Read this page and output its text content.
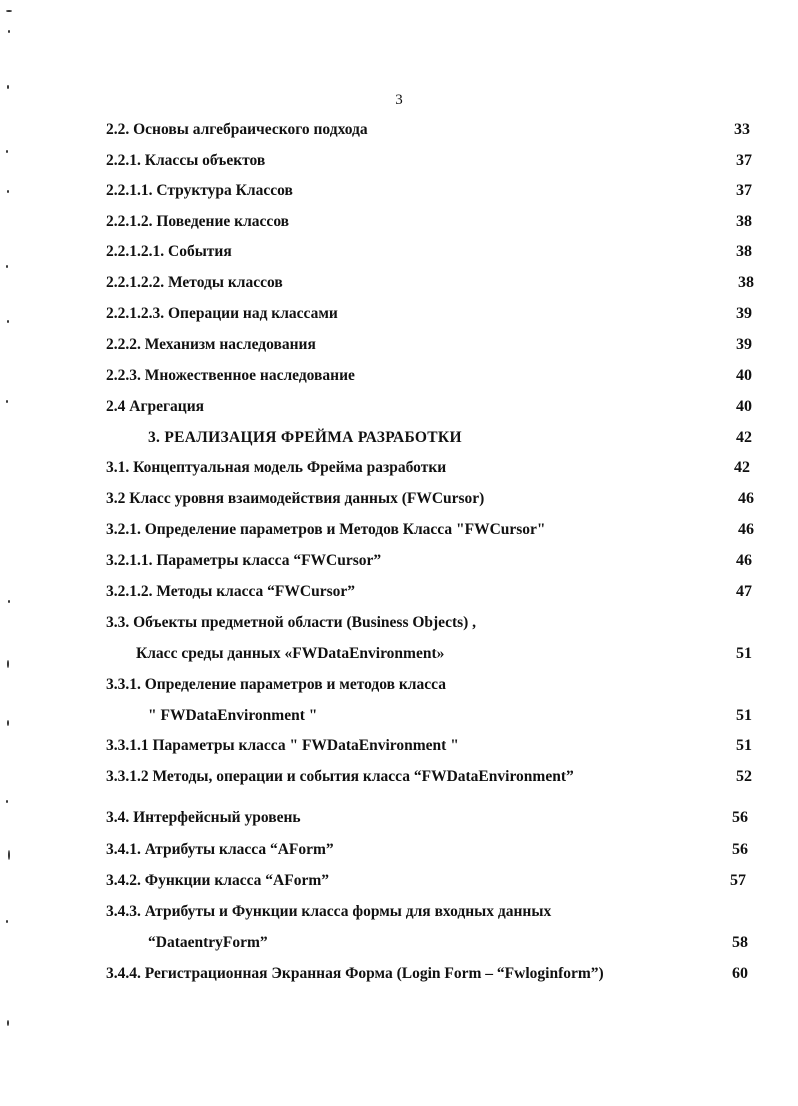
3
2.2. Основы алгебраического подхода	33
2.2.1. Классы объектов	37
2.2.1.1. Структура Классов	37
2.2.1.2. Поведение классов	38
2.2.1.2.1. События	38
2.2.1.2.2. Методы классов	38
2.2.1.2.3. Операции над классами	39
2.2.2. Механизм наследования	39
2.2.3. Множественное наследование	40
2.4 Агрегация	40
3. РЕАЛИЗАЦИЯ ФРЕЙМА РАЗРАБОТКИ	42
3.1. Концептуальная модель Фрейма разработки	42
3.2 Класс уровня взаимодействия данных (FWCursor)	46
3.2.1. Определение параметров и Методов Класса "FWCursor"	46
3.2.1.1. Параметры класса “FWCursor”	46
3.2.1.2. Методы класса “FWCursor”	47
3.3. Объекты предметной области (Business Objects) ,
Класс среды данных «FWDataEnvironment»	51
3.3.1. Определение параметров и методов класса
" FWDataEnvironment "	51
3.3.1.1 Параметры класса " FWDataEnvironment "	51
3.3.1.2 Методы, операции и события класса “FWDataEnvironment”	52
3.4. Интерфейсный уровень	56
3.4.1. Атрибуты класса “AForm”	56
3.4.2. Функции класса “AForm”	57
3.4.3. Атрибуты и Функции класса формы для входных данных
“DataentryForm”	58
3.4.4. Регистрационная Экранная Форма (Login Form – “Fwloginform”)	60
